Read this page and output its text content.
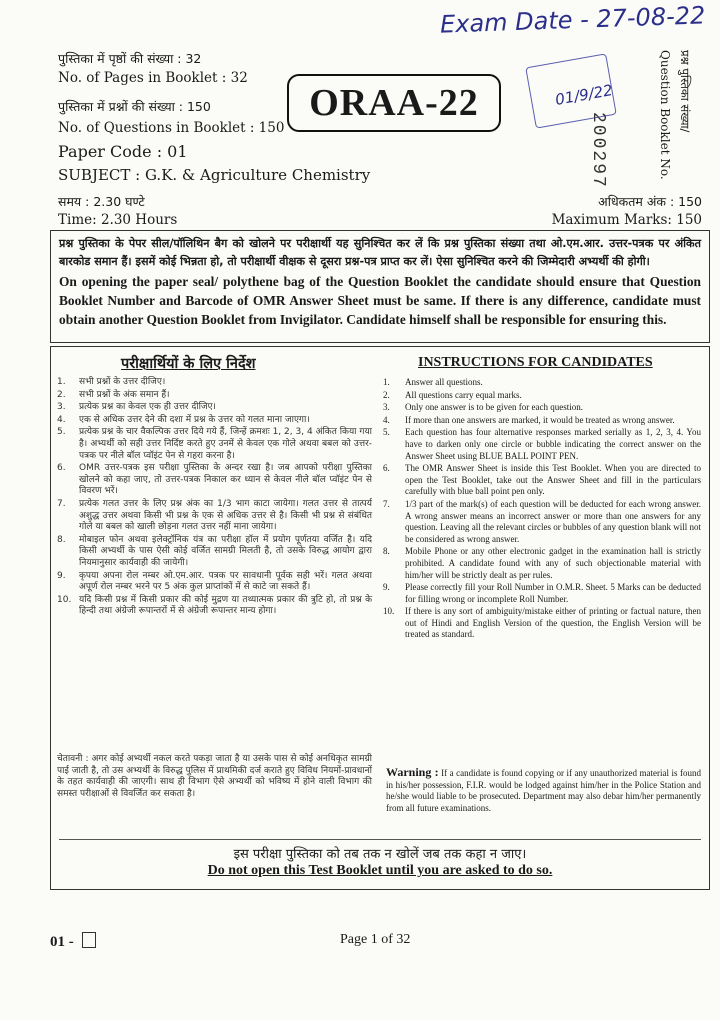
Exam Date - 27-08-22
01/9/22
पुस्तिका में पृष्ठों की संख्या : 32
No. of Pages in Booklet : 32
पुस्तिका में प्रश्नों की संख्या : 150
No. of Questions in Booklet : 150
Paper Code : 01
SUBJECT : G.K. & Agriculture Chemistry
ORAA-22
200297	Question Booklet No. प्रश्न पुस्तिका संख्या/
समय : 2.30 घण्टे
Time: 2.30 Hours
अधिकतम अंक : 150
Maximum Marks: 150
प्रश्न पुस्तिका के पेपर सील/पॉलिथिन बैग को खोलने पर परीक्षार्थी यह सुनिश्चित कर लें कि प्रश्न पुस्तिका संख्या तथा ओ.एम.आर. उत्तर-पत्रक पर अंकित बारकोड समान हैं। इसमें कोई भिन्नता हो, तो परीक्षार्थी वीक्षक से दूसरा प्रश्न-पत्र प्राप्त कर लें। ऐसा सुनिश्चित करने की जिम्मेदारी अभ्यर्थी की होगी।
On opening the paper seal/ polythene bag of the Question Booklet the candidate should ensure that Question Booklet Number and Barcode of OMR Answer Sheet must be same. If there is any difference, candidate must obtain another Question Booklet from Invigilator. Candidate himself shall be responsible for ensuring this.
परीक्षार्थियों के लिए निर्देश
1. सभी प्रश्नों के उत्तर दीजिए।
2. सभी प्रश्नों के अंक समान हैं।
3. प्रत्येक प्रश्न का केवल एक ही उत्तर दीजिए।
4. एक से अधिक उत्तर देने की दशा में प्रश्न के उत्तर को गलत माना जाएगा।
5. प्रत्येक प्रश्न के चार वैकल्पिक उत्तर दिये गये हैं, जिन्हें क्रमशः 1, 2, 3, 4 अंकित किया गया है। अभ्यर्थी को सही उत्तर निर्दिष्ट करते हुए उनमें से केवल एक गोले अथवा बबल को उत्तर-पत्रक पर नीले बॉल प्वॉइंट पेन से गहरा करना है।
6. OMR उत्तर-पत्रक इस परीक्षा पुस्तिका के अन्दर रखा है। जब आपको परीक्षा पुस्तिका खोलने को कहा जाए, तो उत्तर-पत्रक निकाल कर ध्यान से केवल नीले बॉल प्वॉइंट पेन से विवरण भरें।
7. प्रत्येक गलत उत्तर के लिए प्रश्न अंक का 1/3 भाग काटा जायेगा। गलत उत्तर से तात्पर्य अशुद्ध उत्तर अथवा किसी भी प्रश्न के एक से अधिक उत्तर से है। किसी भी प्रश्न से संबंधित गोले या बबल को खाली छोड़ना गलत उत्तर नहीं माना जायेगा।
8. मोबाइल फोन अथवा इलेक्ट्रॉनिक यंत्र का परीक्षा हॉल में प्रयोग पूर्णतया वर्जित है। यदि किसी अभ्यर्थी के पास ऐसी कोई वर्जित सामग्री मिलती है, तो उसके विरुद्ध आयोग द्वारा नियमानुसार कार्यवाही की जायेगी।
9. कृपया अपना रोल नम्बर ओ.एम.आर. पत्रक पर सावधानी पूर्वक सही भरें। गलत अथवा अपूर्ण रोल नम्बर भरने पर 5 अंक कुल प्राप्तांकों में से काटे जा सकते हैं।
10. यदि किसी प्रश्न में किसी प्रकार की कोई मुद्रण या तथ्यात्मक प्रकार की त्रुटि हो, तो प्रश्न के हिन्दी तथा अंग्रेजी रूपान्तरों में से अंग्रेजी रूपान्तर मान्य होगा।
चेतावनी : अगर कोई अभ्यर्थी नकल करते पकड़ा जाता है या उसके पास से कोई अनधिकृत सामग्री पाई जाती है, तो उस अभ्यर्थी के विरुद्ध पुलिस में प्राथमिकी दर्ज कराते हुए विविध नियमों-प्रावधानों के तहत कार्यवाही की जाएगी। साथ ही विभाग ऐसे अभ्यर्थी को भविष्य में होने वाली विभाग की समस्त परीक्षाओं से विवर्जित कर सकता है।
INSTRUCTIONS FOR CANDIDATES
1. Answer all questions.
2. All questions carry equal marks.
3. Only one answer is to be given for each question.
4. If more than one answers are marked, it would be treated as wrong answer.
5. Each question has four alternative responses marked serially as 1, 2, 3, 4. You have to darken only one circle or bubble indicating the correct answer on the Answer Sheet using BLUE BALL POINT PEN.
6. The OMR Answer Sheet is inside this Test Booklet. When you are directed to open the Test Booklet, take out the Answer Sheet and fill in the particulars carefully with blue ball point pen only.
7. 1/3 part of the mark(s) of each question will be deducted for each wrong answer. A wrong answer means an incorrect answer or more than one answers for any question. Leaving all the relevant circles or bubbles of any question blank will not be considered as wrong answer.
8. Mobile Phone or any other electronic gadget in the examination hall is strictly prohibited. A candidate found with any of such objectionable material with him/her will be strictly dealt as per rules.
9. Please correctly fill your Roll Number in O.M.R. Sheet. 5 Marks can be deducted for filling wrong or incomplete Roll Number.
10. If there is any sort of ambiguity/mistake either of printing or factual nature, then out of Hindi and English Version of the question, the English Version will be treated as standard.
Warning : If a candidate is found copying or if any unauthorized material is found in his/her possession, F.I.R. would be lodged against him/her in the Police Station and he/she would liable to be prosecuted. Department may also debar him/her permanently from all future examinations.
इस परीक्षा पुस्तिका को तब तक न खोलें जब तक कहा न जाए।
Do not open this Test Booklet until you are asked to do so.
01 -	Page 1 of 32
